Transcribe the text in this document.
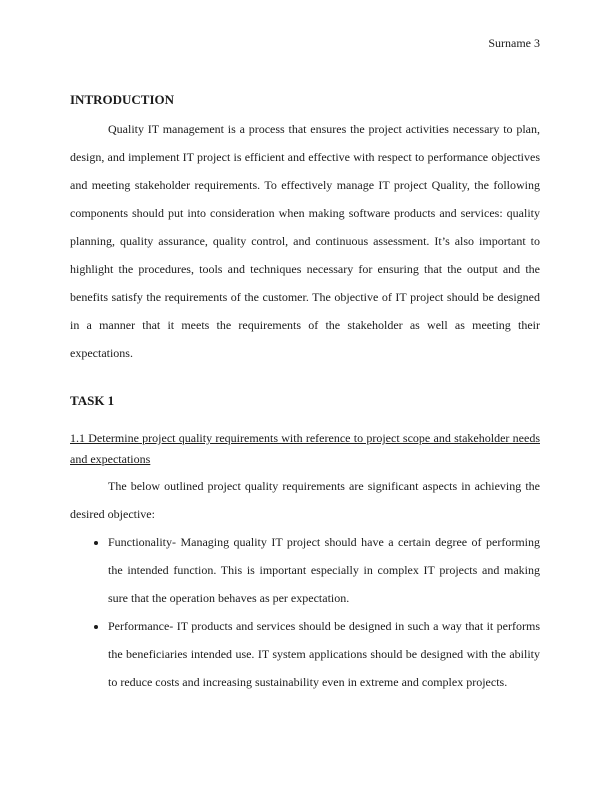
Surname 3
INTRODUCTION

Quality IT management is a process that ensures the project activities necessary to plan, design, and implement IT project is efficient and effective with respect to performance objectives and meeting stakeholder requirements. To effectively manage IT project Quality, the following components should put into consideration when making software products and services: quality planning, quality assurance, quality control, and continuous assessment. It’s also important to highlight the procedures, tools and techniques necessary for ensuring that the output and the benefits satisfy the requirements of the customer. The objective of IT project should be designed in a manner that it meets the requirements of the stakeholder as well as meeting their expectations.

TASK 1
1.1 Determine project quality requirements with reference to project scope and stakeholder needs and expectations

The below outlined project quality requirements are significant aspects in achieving the desired objective:

• Functionality- Managing quality IT project should have a certain degree of performing the intended function. This is important especially in complex IT projects and making sure that the operation behaves as per expectation.
• Performance- IT products and services should be designed in such a way that it performs the beneficiaries intended use. IT system applications should be designed with the ability to reduce costs and increasing sustainability even in extreme and complex projects.
